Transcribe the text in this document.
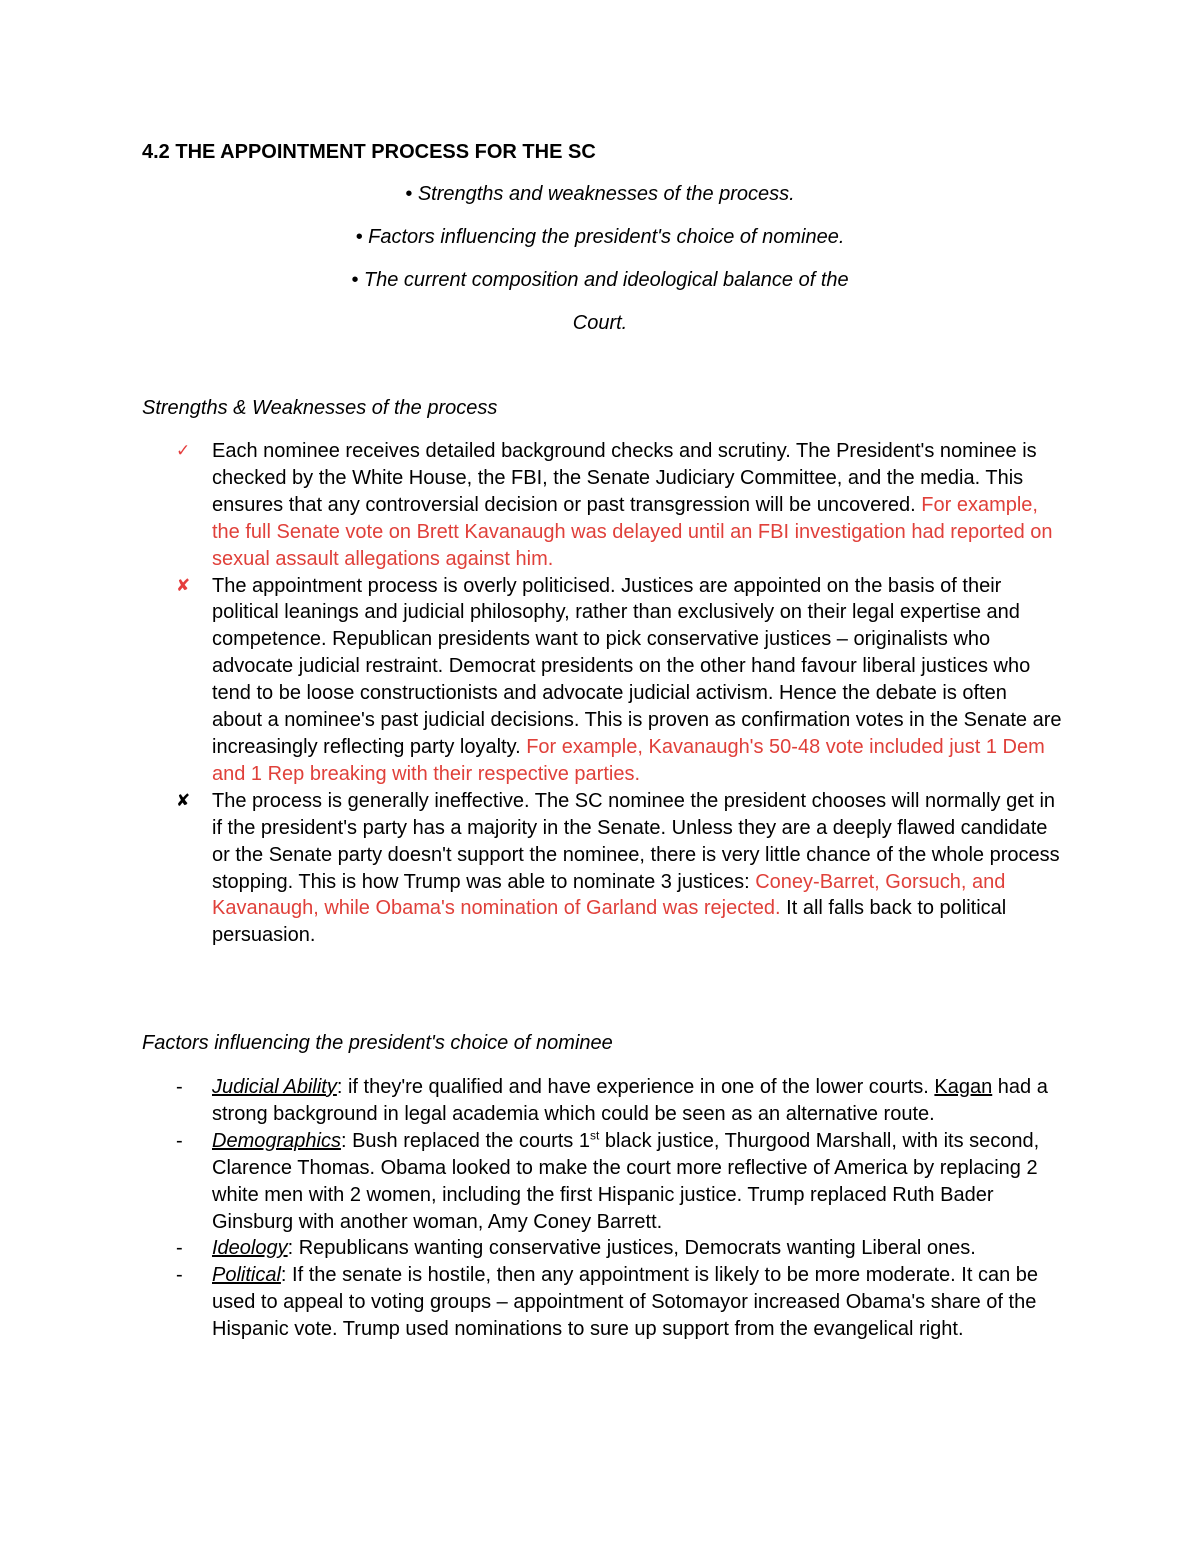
4.2 THE APPOINTMENT PROCESS FOR THE SC

• Strengths and weaknesses of the process.

• Factors influencing the president's choice of nominee.

• The current composition and ideological balance of the

Court.

Strengths & Weaknesses of the process

✓ Each nominee receives detailed background checks and scrutiny. The President's nominee is checked by the White House, the FBI, the Senate Judiciary Committee, and the media. This ensures that any controversial decision or past transgression will be uncovered. For example, the full Senate vote on Brett Kavanaugh was delayed until an FBI investigation had reported on sexual assault allegations against him.
✘ The appointment process is overly politicised. Justices are appointed on the basis of their political leanings and judicial philosophy, rather than exclusively on their legal expertise and competence. Republican presidents want to pick conservative justices – originalists who advocate judicial restraint. Democrat presidents on the other hand favour liberal justices who tend to be loose constructionists and advocate judicial activism. Hence the debate is often about a nominee's past judicial decisions. This is proven as confirmation votes in the Senate are increasingly reflecting party loyalty. For example, Kavanaugh's 50-48 vote included just 1 Dem and 1 Rep breaking with their respective parties.
✘ The process is generally ineffective. The SC nominee the president chooses will normally get in if the president's party has a majority in the Senate. Unless they are a deeply flawed candidate or the Senate party doesn't support the nominee, there is very little chance of the whole process stopping. This is how Trump was able to nominate 3 justices: Coney-Barret, Gorsuch, and Kavanaugh, while Obama's nomination of Garland was rejected. It all falls back to political persuasion.

Factors influencing the president's choice of nominee

-	Judicial Ability: if they're qualified and have experience in one of the lower courts. Kagan had a strong background in legal academia which could be seen as an alternative route.
-	Demographics: Bush replaced the courts 1st black justice, Thurgood Marshall, with its second, Clarence Thomas. Obama looked to make the court more reflective of America by replacing 2 white men with 2 women, including the first Hispanic justice. Trump replaced Ruth Bader Ginsburg with another woman, Amy Coney Barrett.
-	Ideology: Republicans wanting conservative justices, Democrats wanting Liberal ones.
-	Political: If the senate is hostile, then any appointment is likely to be more moderate. It can be used to appeal to voting groups – appointment of Sotomayor increased Obama's share of the Hispanic vote. Trump used nominations to sure up support from the evangelical right.
